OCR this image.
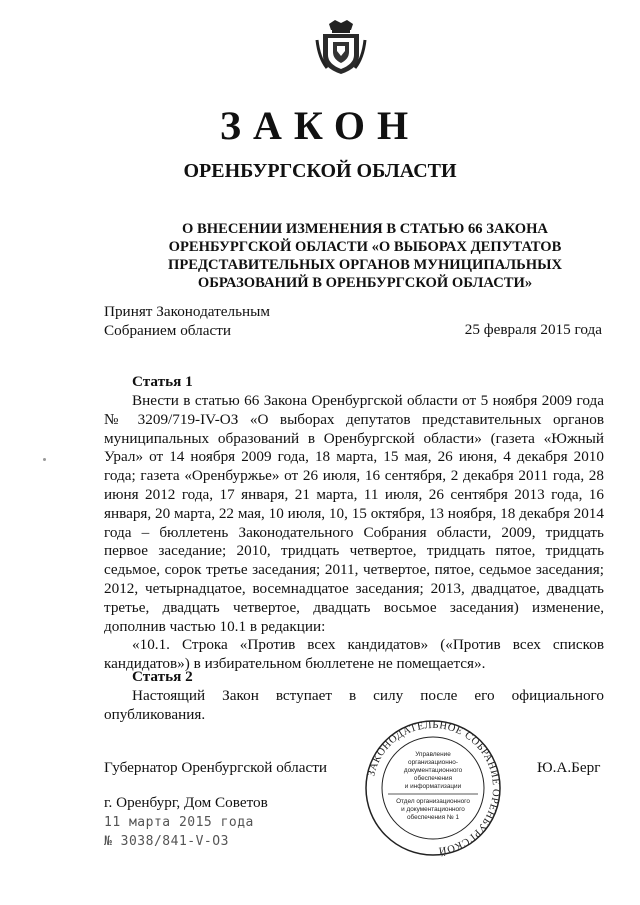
ЗАКОН
ОРЕНБУРГСКОЙ ОБЛАСТИ
О ВНЕСЕНИИ ИЗМЕНЕНИЯ В СТАТЬЮ 66 ЗАКОНА
ОРЕНБУРГСКОЙ ОБЛАСТИ «О ВЫБОРАХ ДЕПУТАТОВ
ПРЕДСТАВИТЕЛЬНЫХ ОРГАНОВ МУНИЦИПАЛЬНЫХ
ОБРАЗОВАНИЙ В ОРЕНБУРГСКОЙ ОБЛАСТИ»
Принят Законодательным
Собранием области	25 февраля 2015 года
Статья 1

Внести в статью 66 Закона Оренбургской области от 5 ноября 2009 года № 3209/719-IV-ОЗ «О выборах депутатов представительных органов муниципальных образований в Оренбургской области» (газета «Южный Урал» от 14 ноября 2009 года, 18 марта, 15 мая, 26 июня, 4 декабря 2010 года; газета «Оренбуржье» от 26 июля, 16 сентября, 2 декабря 2011 года, 28 июня 2012 года, 17 января, 21 марта, 11 июля, 26 сентября 2013 года, 16 января, 20 марта, 22 мая, 10 июля, 10, 15 октября, 13 ноября, 18 декабря 2014 года – бюллетень Законодательного Собрания области, 2009, тридцать первое заседание; 2010, тридцать четвертое, тридцать пятое, тридцать седьмое, сорок третье заседания; 2011, четвертое, пятое, седьмое заседания; 2012, четырнадцатое, восемнадцатое заседания; 2013, двадцатое, двадцать третье, двадцать четвертое, двадцать восьмое заседания) изменение, дополнив частью 10.1 в редакции:

«10.1. Строка «Против всех кандидатов» («Против всех списков кандидатов») в избирательном бюллетене не помещается».

Статья 2

Настоящий Закон вступает в силу после его официального опубликования.

Губернатор Оренбургской области	Ю.А.Берг
г. Оренбург, Дом Советов
11 марта 2015 года
№ 3038/841-V-ОЗ
ЗАКОНОДАТЕЛЬНОЕ СОБРАНИЕ ОРЕНБУРГСКОЙ
Управление
организационно-
документационного
обеспечения
и информатизации
Отдел организационного
и документационного
обеспечения № 1
